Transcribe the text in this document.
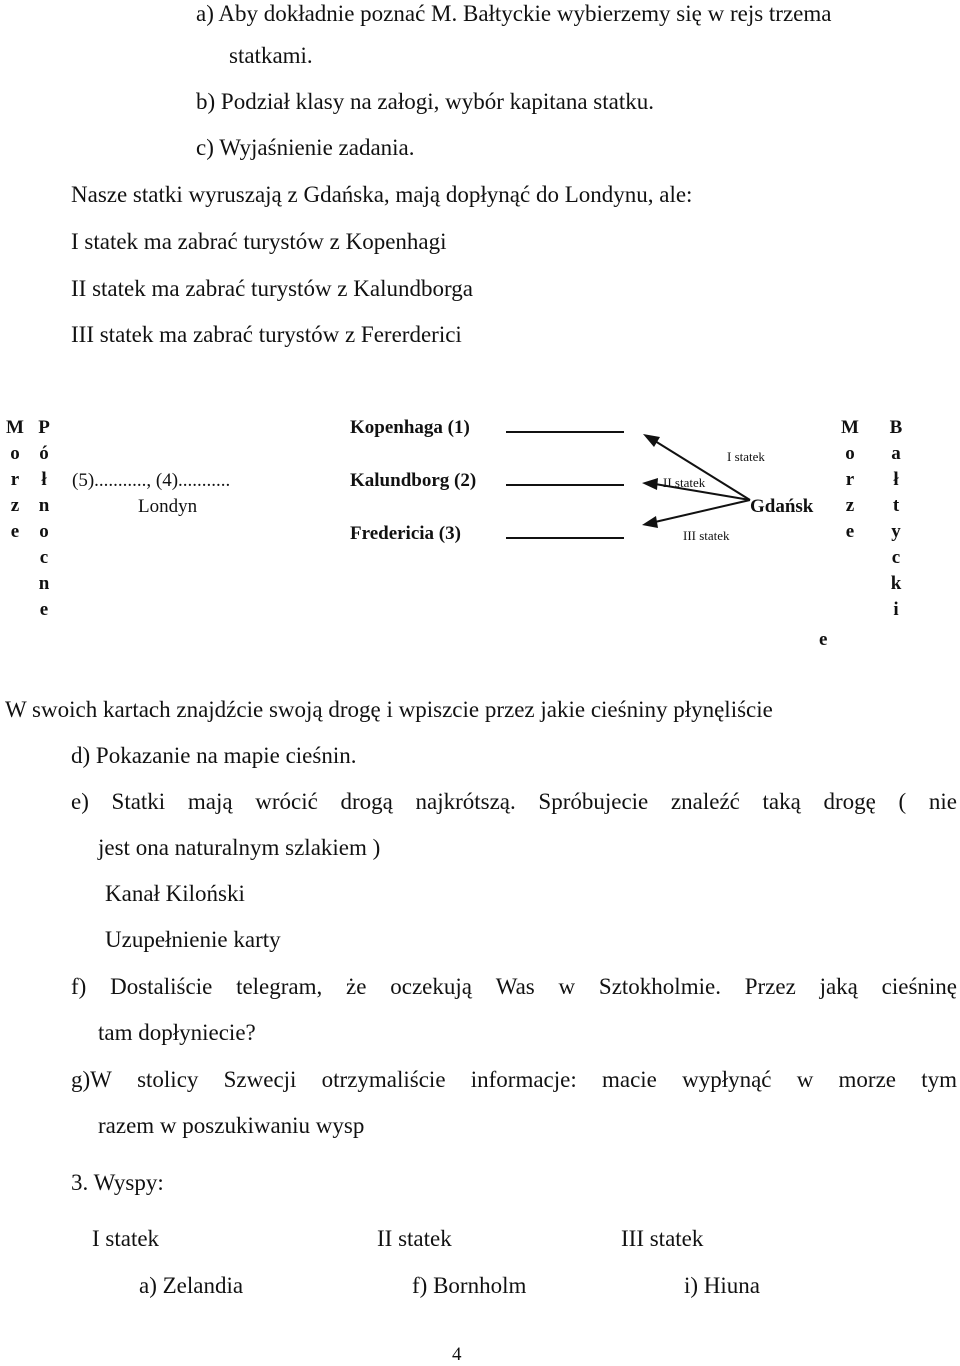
a) Aby dokładnie poznać M. Bałtyckie wybierzemy się w rejs trzema
statkami.
b) Podział klasy na załogi, wybór kapitana statku.
c) Wyjaśnienie zadania.
Nasze statki wyruszają z Gdańska, mają dopłynąć do Londynu, ale:
I statek ma zabrać turystów z Kopenhagi
II statek ma zabrać turystów z Kalundborga
III statek ma zabrać turystów z Fererderici
M
o
r
z
e
P
ó
ł
n
o
c
n
e
M
o
r
z
e
B
a
ł
t
y
c
k
i
e
(5)..........., (4)...........
Londyn
Kopenhaga (1)
Kalundborg (2)
Fredericia (3)
Gdańsk
I statek
II statek
III statek
W swoich kartach znajdźcie swoją drogę i wpiszcie przez jakie cieśniny płynęliście
d) Pokazanie na mapie cieśnin.
e) Statki mają wrócić drogą najkrótszą. Spróbujecie znaleźć taką drogę ( nie
jest ona naturalnym szlakiem )
Kanał Kiloński
Uzupełnienie karty
f) Dostaliście telegram, że oczekują Was w Sztokholmie. Przez jaką cieśninę
tam dopłyniecie?
g)W stolicy Szwecji otrzymaliście informacje: macie wypłynąć w morze tym
razem w poszukiwaniu wysp
3. Wyspy:
I statek	II statek	III statek
a) Zelandia	f) Bornholm	i) Hiuna
4
